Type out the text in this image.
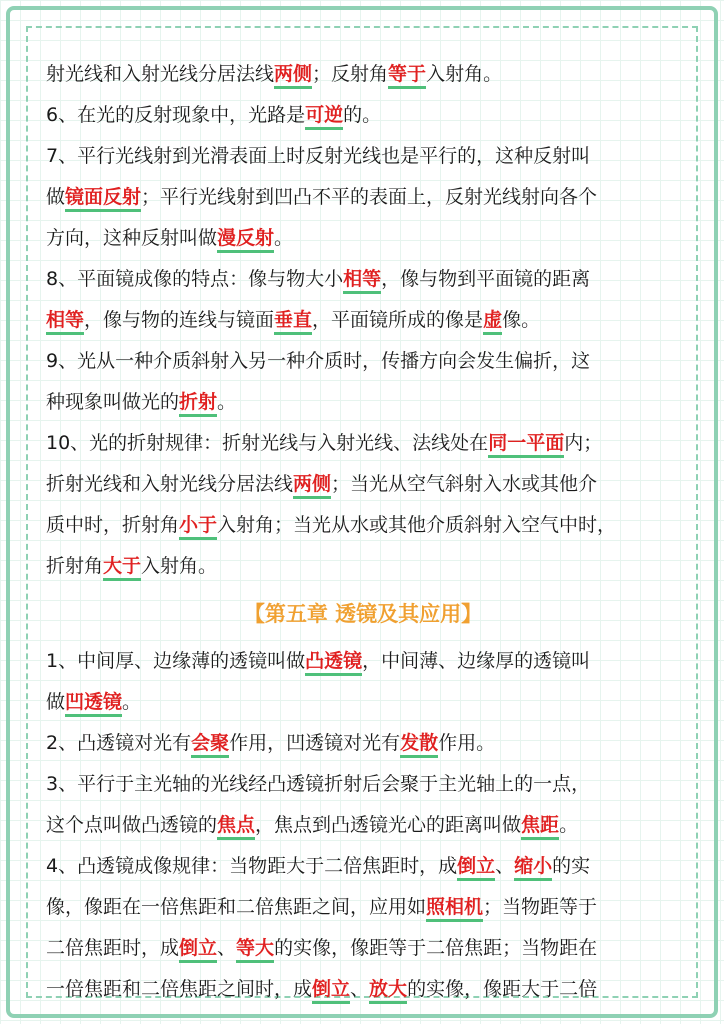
射光线和入射光线分居法线两侧；反射角等于入射角。
6、在光的反射现象中，光路是可逆的。
7、平行光线射到光滑表面上时反射光线也是平行的，这种反射叫
做镜面反射；平行光线射到凹凸不平的表面上，反射光线射向各个
方向，这种反射叫做漫反射。
8、平面镜成像的特点：像与物大小相等，像与物到平面镜的距离
相等，像与物的连线与镜面垂直，平面镜所成的像是虚像。
9、光从一种介质斜射入另一种介质时，传播方向会发生偏折，这
种现象叫做光的折射。
10、光的折射规律：折射光线与入射光线、法线处在同一平面内；
折射光线和入射光线分居法线两侧；当光从空气斜射入水或其他介
质中时，折射角小于入射角；当光从水或其他介质斜射入空气中时，
折射角大于入射角。
【第五章 透镜及其应用】
1、中间厚、边缘薄的透镜叫做凸透镜，中间薄、边缘厚的透镜叫
做凹透镜。
2、凸透镜对光有会聚作用，凹透镜对光有发散作用。
3、平行于主光轴的光线经凸透镜折射后会聚于主光轴上的一点，
这个点叫做凸透镜的焦点，焦点到凸透镜光心的距离叫做焦距。
4、凸透镜成像规律：当物距大于二倍焦距时，成倒立、缩小的实
像，像距在一倍焦距和二倍焦距之间，应用如照相机；当物距等于
二倍焦距时，成倒立、等大的实像，像距等于二倍焦距；当物距在
一倍焦距和二倍焦距之间时，成倒立、放大的实像，像距大于二倍
